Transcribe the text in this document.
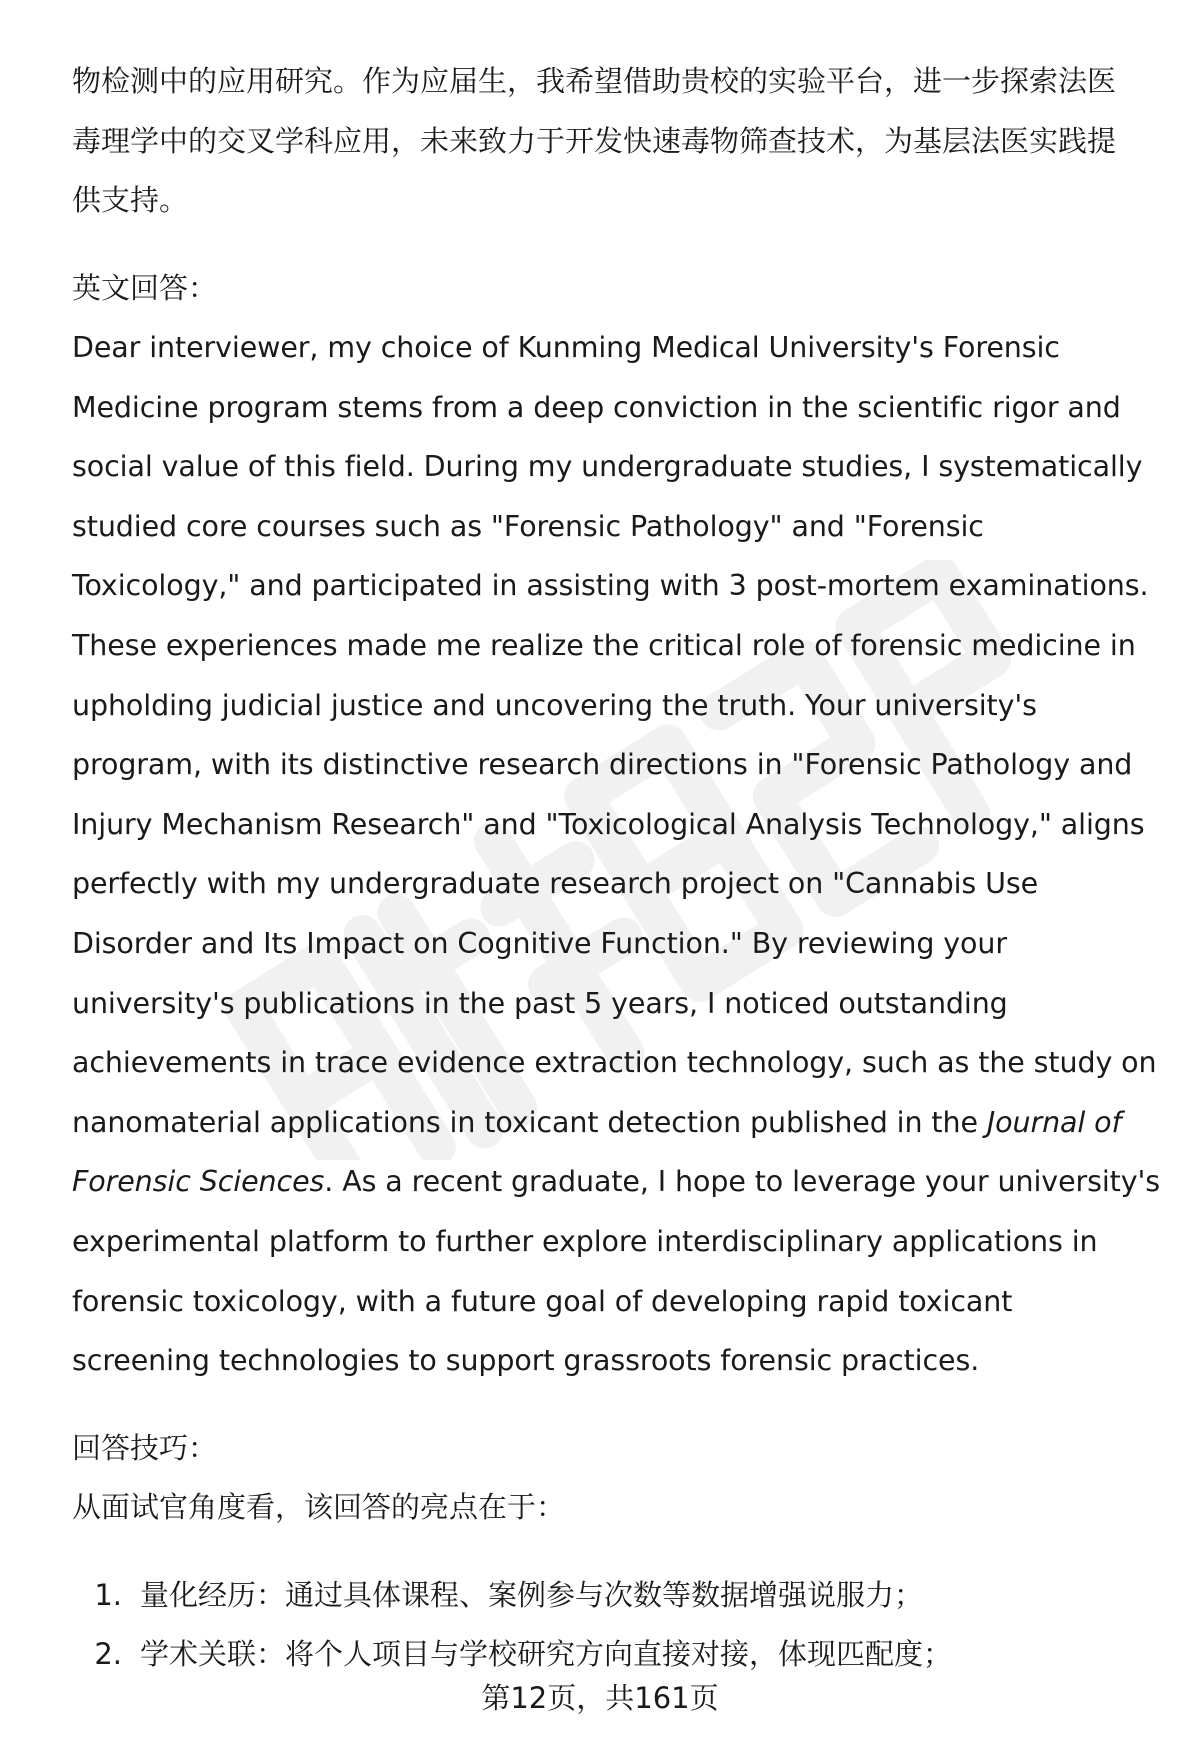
物检测中的应用研究。作为应届生，我希望借助贵校的实验平台，进一步探索法医

毒理学中的交叉学科应用，未来致力于开发快速毒物筛查技术，为基层法医实践提

供支持。

英文回答：

Dear interviewer, my choice of Kunming Medical University's Forensic

Medicine program stems from a deep conviction in the scientific rigor and

social value of this field. During my undergraduate studies, I systematically

studied core courses such as "Forensic Pathology" and "Forensic

Toxicology," and participated in assisting with 3 post-mortem examinations.

These experiences made me realize the critical role of forensic medicine in

upholding judicial justice and uncovering the truth. Your university's

program, with its distinctive research directions in "Forensic Pathology and

Injury Mechanism Research" and "Toxicological Analysis Technology," aligns

perfectly with my undergraduate research project on "Cannabis Use

Disorder and Its Impact on Cognitive Function." By reviewing your

university's publications in the past 5 years, I noticed outstanding

achievements in trace evidence extraction technology, such as the study on

nanomaterial applications in toxicant detection published in the Journal of

Forensic Sciences. As a recent graduate, I hope to leverage your university's

experimental platform to further explore interdisciplinary applications in

forensic toxicology, with a future goal of developing rapid toxicant

screening technologies to support grassroots forensic practices.

回答技巧：

从面试官角度看，该回答的亮点在于：

1. 量化经历：通过具体课程、案例参与次数等数据增强说服力；
2. 学术关联：将个人项目与学校研究方向直接对接，体现匹配度；
第12页，共161页
